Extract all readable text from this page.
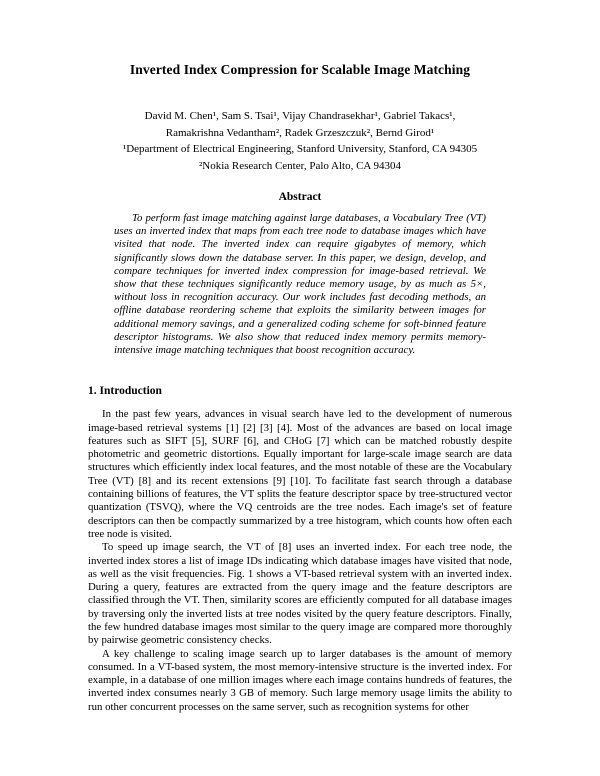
Inverted Index Compression for Scalable Image Matching
David M. Chen¹, Sam S. Tsai¹, Vijay Chandrasekhar¹, Gabriel Takacs¹,
Ramakrishna Vedantham², Radek Grzeszczuk², Bernd Girod¹
¹Department of Electrical Engineering, Stanford University, Stanford, CA 94305
²Nokia Research Center, Palo Alto, CA 94304
Abstract
To perform fast image matching against large databases, a Vocabulary Tree (VT) uses an inverted index that maps from each tree node to database images which have visited that node. The inverted index can require gigabytes of memory, which significantly slows down the database server. In this paper, we design, develop, and compare techniques for inverted index compression for image-based retrieval. We show that these techniques significantly reduce memory usage, by as much as 5×, without loss in recognition accuracy. Our work includes fast decoding methods, an offline database reordering scheme that exploits the similarity between images for additional memory savings, and a generalized coding scheme for soft-binned feature descriptor histograms. We also show that reduced index memory permits memory-intensive image matching techniques that boost recognition accuracy.
1. Introduction

In the past few years, advances in visual search have led to the development of numerous image-based retrieval systems [1] [2] [3] [4]. Most of the advances are based on local image features such as SIFT [5], SURF [6], and CHoG [7] which can be matched robustly despite photometric and geometric distortions. Equally important for large-scale image search are data structures which efficiently index local features, and the most notable of these are the Vocabulary Tree (VT) [8] and its recent extensions [9] [10]. To facilitate fast search through a database containing billions of features, the VT splits the feature descriptor space by tree-structured vector quantization (TSVQ), where the VQ centroids are the tree nodes. Each image's set of feature descriptors can then be compactly summarized by a tree histogram, which counts how often each tree node is visited.

To speed up image search, the VT of [8] uses an inverted index. For each tree node, the inverted index stores a list of image IDs indicating which database images have visited that node, as well as the visit frequencies. Fig. 1 shows a VT-based retrieval system with an inverted index. During a query, features are extracted from the query image and the feature descriptors are classified through the VT. Then, similarity scores are efficiently computed for all database images by traversing only the inverted lists at tree nodes visited by the query feature descriptors. Finally, the few hundred database images most similar to the query image are compared more thoroughly by pairwise geometric consistency checks.

A key challenge to scaling image search up to larger databases is the amount of memory consumed. In a VT-based system, the most memory-intensive structure is the inverted index. For example, in a database of one million images where each image contains hundreds of features, the inverted index consumes nearly 3 GB of memory. Such large memory usage limits the ability to run other concurrent processes on the same server, such as recognition systems for other
